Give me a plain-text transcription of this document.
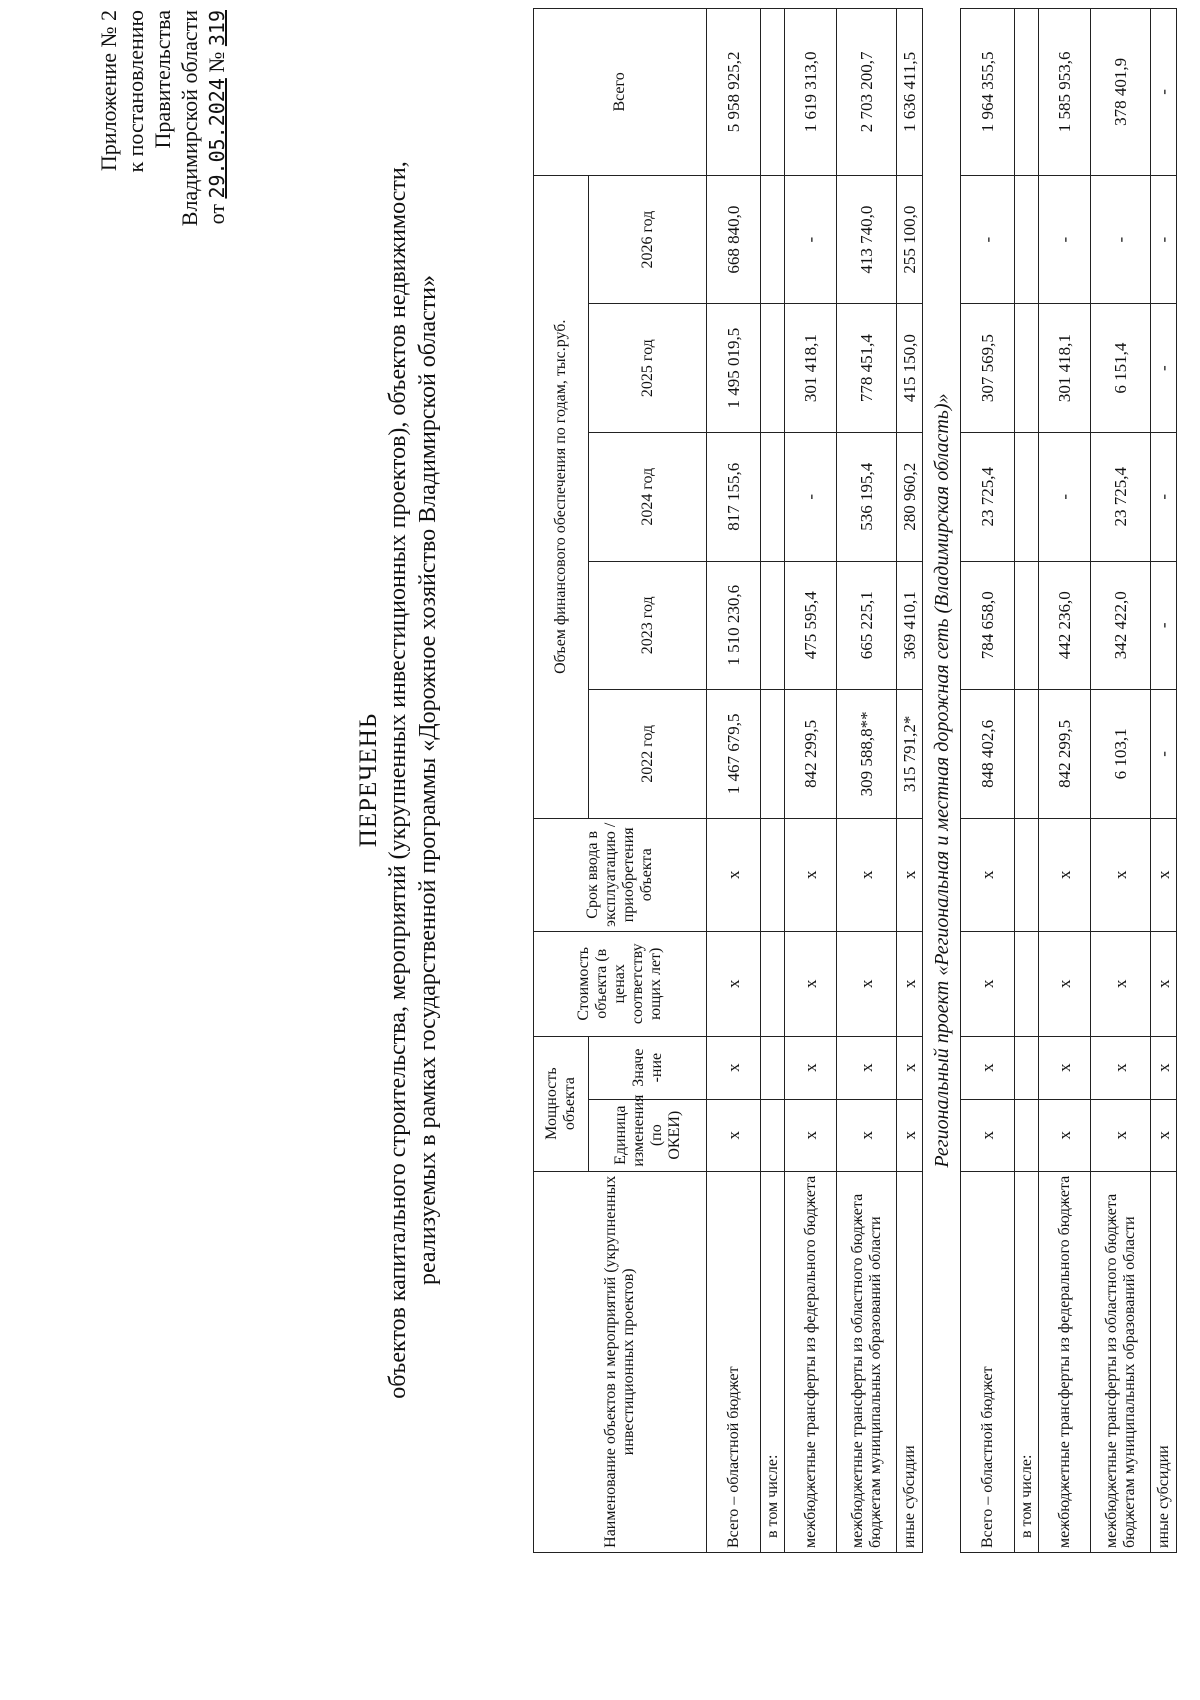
Приложение № 2 к постановлению Правительства Владимирской области от 29.05.2024 № 319
ПЕРЕЧЕНЬ объектов капитального строительства, мероприятий (укрупненных инвестиционных проектов), объектов недвижимости, реализуемых в рамках государственной программы «Дорожное хозяйство Владимирской области»
Наименование объектов и мероприятий (укрупненных инвестиционных проектов)	Мощность объекта		Стоимость объекта (в ценах соответству ющих лет)	Срок ввода в эксплуатацию / приобретения объекта	Объем финансового обеспечения по годам, тыс.руб.					Всего
	Единица изменения (по ОКЕИ)	Значе -ние			2022 год	2023 год	2024 год	2025 год	2026 год	
Всего – областной бюджет	х	х	х	х	1 467 679,5	1 510 230,6	817 155,6	1 495 019,5	668 840,0	5 958 925,2
в том числе:										
межбюджетные трансферты из федерального бюджета	х	х	х	х	842 299,5	475 595,4	-	301 418,1	-	1 619 313,0
межбюджетные трансферты из областного бюджета бюджетам муниципальных образований области	х	х	х	х	309 588,8**	665 225,1	536 195,4	778 451,4	413 740,0	2 703 200,7
иные субсидии	х	х	х	х	315 791,2*	369 410,1	280 960,2	415 150,0	255 100,0	1 636 411,5
Региональный проект «Региональная и местная дорожная сеть (Владимирская область)»										
Всего – областной бюджет	х	х	х	х	848 402,6	784 658,0	23 725,4	307 569,5	-	1 964 355,5
в том числе:										
межбюджетные трансферты из федерального бюджета	х	х	х	х	842 299,5	442 236,0	-	301 418,1	-	1 585 953,6
межбюджетные трансферты из областного бюджета бюджетам муниципальных образований области	х	х	х	х	6 103,1	342 422,0	23 725,4	6 151,4	-	378 401,9
иные субсидии	х	х	х	х	-	-	-	-	-	-
